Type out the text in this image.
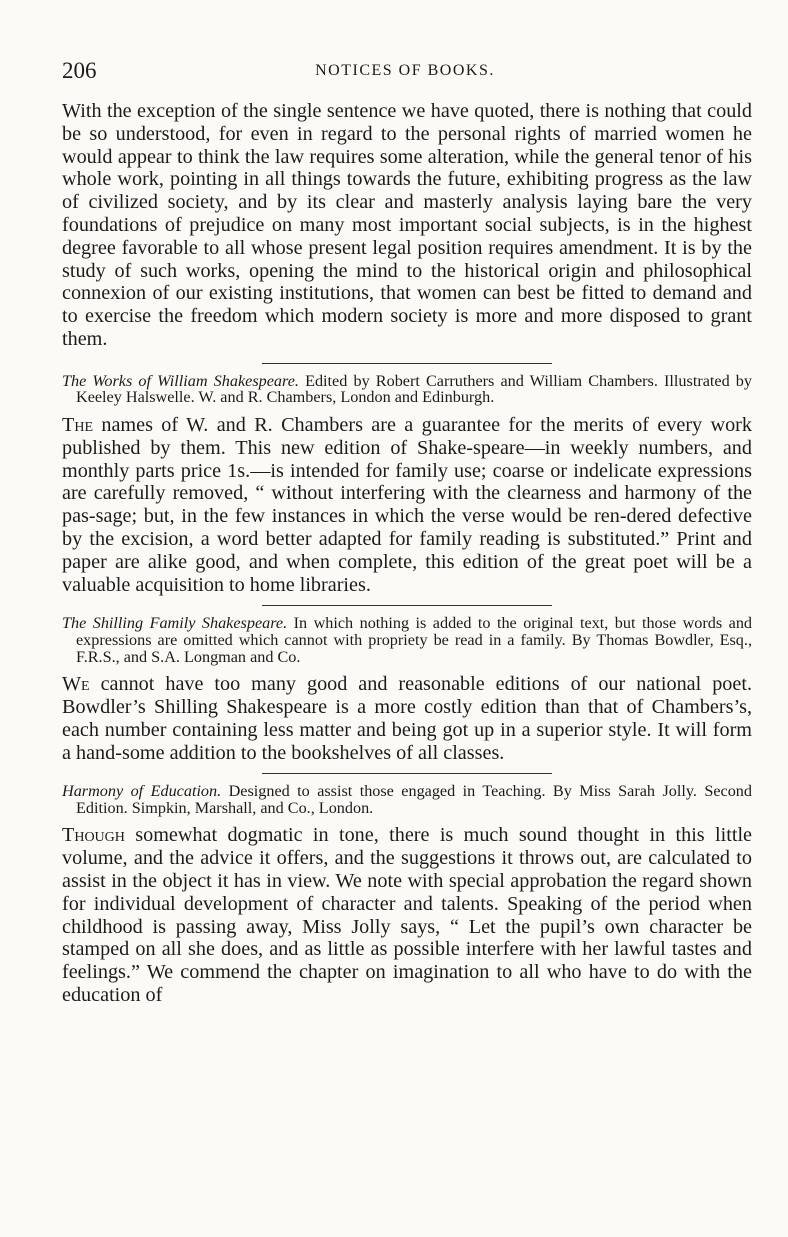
206	NOTICES OF BOOKS.

With the exception of the single sentence we have quoted, there is nothing that could be so understood, for even in regard to the personal rights of married women he would appear to think the law requires some alteration, while the general tenor of his whole work, pointing in all things towards the future, exhibiting progress as the law of civilized society, and by its clear and masterly analysis laying bare the very foundations of prejudice on many most important social subjects, is in the highest degree favorable to all whose present legal position requires amendment. It is by the study of such works, opening the mind to the historical origin and philosophical connexion of our existing institutions, that women can best be fitted to demand and to exercise the freedom which modern society is more and more disposed to grant them.

The Works of William Shakespeare. Edited by Robert Carruthers and William Chambers. Illustrated by Keeley Halswelle. W. and R. Chambers, London and Edinburgh.

The names of W. and R. Chambers are a guarantee for the merits of every work published by them. This new edition of Shake-speare—in weekly numbers, and monthly parts price 1s.—is intended for family use; coarse or indelicate expressions are carefully removed, “ without interfering with the clearness and harmony of the pas-sage; but, in the few instances in which the verse would be ren-dered defective by the excision, a word better adapted for family reading is substituted.” Print and paper are alike good, and when complete, this edition of the great poet will be a valuable acquisition to home libraries.

The Shilling Family Shakespeare. In which nothing is added to the original text, but those words and expressions are omitted which cannot with propriety be read in a family. By Thomas Bowdler, Esq., F.R.S., and S.A. Longman and Co.

We cannot have too many good and reasonable editions of our national poet. Bowdler’s Shilling Shakespeare is a more costly edition than that of Chambers’s, each number containing less matter and being got up in a superior style. It will form a hand-some addition to the bookshelves of all classes.

Harmony of Education. Designed to assist those engaged in Teaching. By Miss Sarah Jolly. Second Edition. Simpkin, Marshall, and Co., London.

Though somewhat dogmatic in tone, there is much sound thought in this little volume, and the advice it offers, and the suggestions it throws out, are calculated to assist in the object it has in view. We note with special approbation the regard shown for individual development of character and talents. Speaking of the period when childhood is passing away, Miss Jolly says, “ Let the pupil’s own character be stamped on all she does, and as little as possible interfere with her lawful tastes and feelings.” We commend the chapter on imagination to all who have to do with the education of
